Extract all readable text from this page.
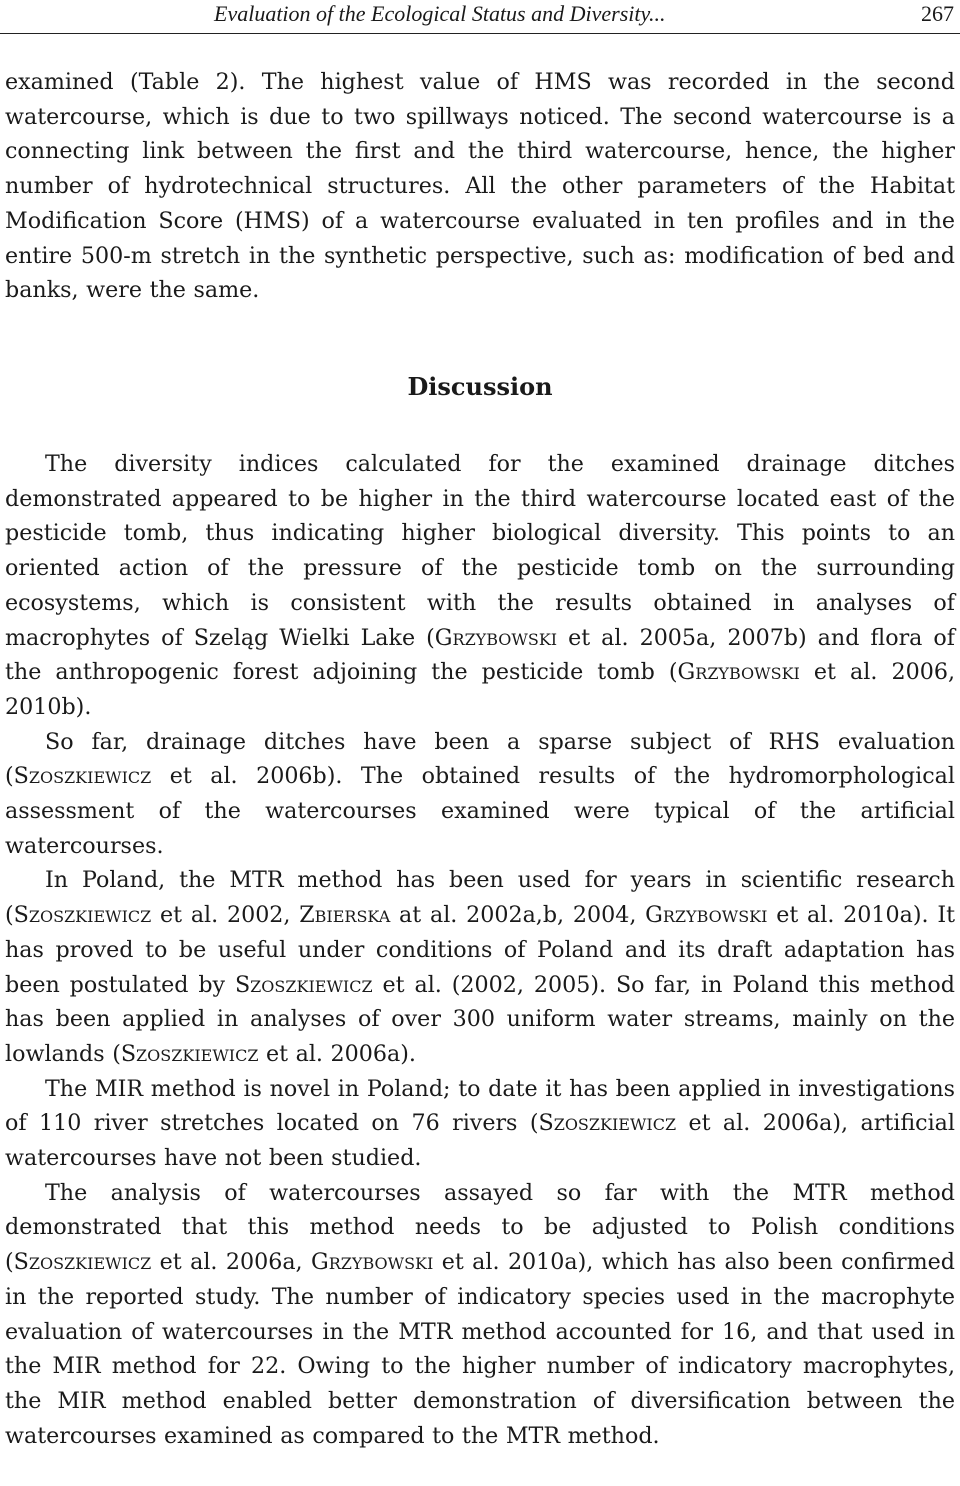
Evaluation of the Ecological Status and Diversity...	267

examined (Table 2). The highest value of HMS was recorded in the second watercourse, which is due to two spillways noticed. The second watercourse is a connecting link between the first and the third watercourse, hence, the higher number of hydrotechnical structures. All the other parameters of the Habitat Modification Score (HMS) of a watercourse evaluated in ten profiles and in the entire 500-m stretch in the synthetic perspective, such as: modification of bed and banks, were the same.

Discussion

The diversity indices calculated for the examined drainage ditches demonstrated appeared to be higher in the third watercourse located east of the pesticide tomb, thus indicating higher biological diversity. This points to an oriented action of the pressure of the pesticide tomb on the surrounding ecosystems, which is consistent with the results obtained in analyses of macrophytes of Szeląg Wielki Lake (Grzybowski et al. 2005a, 2007b) and flora of the anthropogenic forest adjoining the pesticide tomb (Grzybowski et al. 2006, 2010b).

So far, drainage ditches have been a sparse subject of RHS evaluation (Szoszkiewicz et al. 2006b). The obtained results of the hydromorphological assessment of the watercourses examined were typical of the artificial watercourses.

In Poland, the MTR method has been used for years in scientific research (Szoszkiewicz et al. 2002, Zbierska at al. 2002a,b, 2004, Grzybowski et al. 2010a). It has proved to be useful under conditions of Poland and its draft adaptation has been postulated by Szoszkiewicz et al. (2002, 2005). So far, in Poland this method has been applied in analyses of over 300 uniform water streams, mainly on the lowlands (Szoszkiewicz et al. 2006a).

The MIR method is novel in Poland; to date it has been applied in investigations of 110 river stretches located on 76 rivers (Szoszkiewicz et al. 2006a), artificial watercourses have not been studied.

The analysis of watercourses assayed so far with the MTR method demonstrated that this method needs to be adjusted to Polish conditions (Szoszkiewicz et al. 2006a, Grzybowski et al. 2010a), which has also been confirmed in the reported study. The number of indicatory species used in the macrophyte evaluation of watercourses in the MTR method accounted for 16, and that used in the MIR method for 22. Owing to the higher number of indicatory macrophytes, the MIR method enabled better demonstration of diversification between the watercourses examined as compared to the MTR method.
